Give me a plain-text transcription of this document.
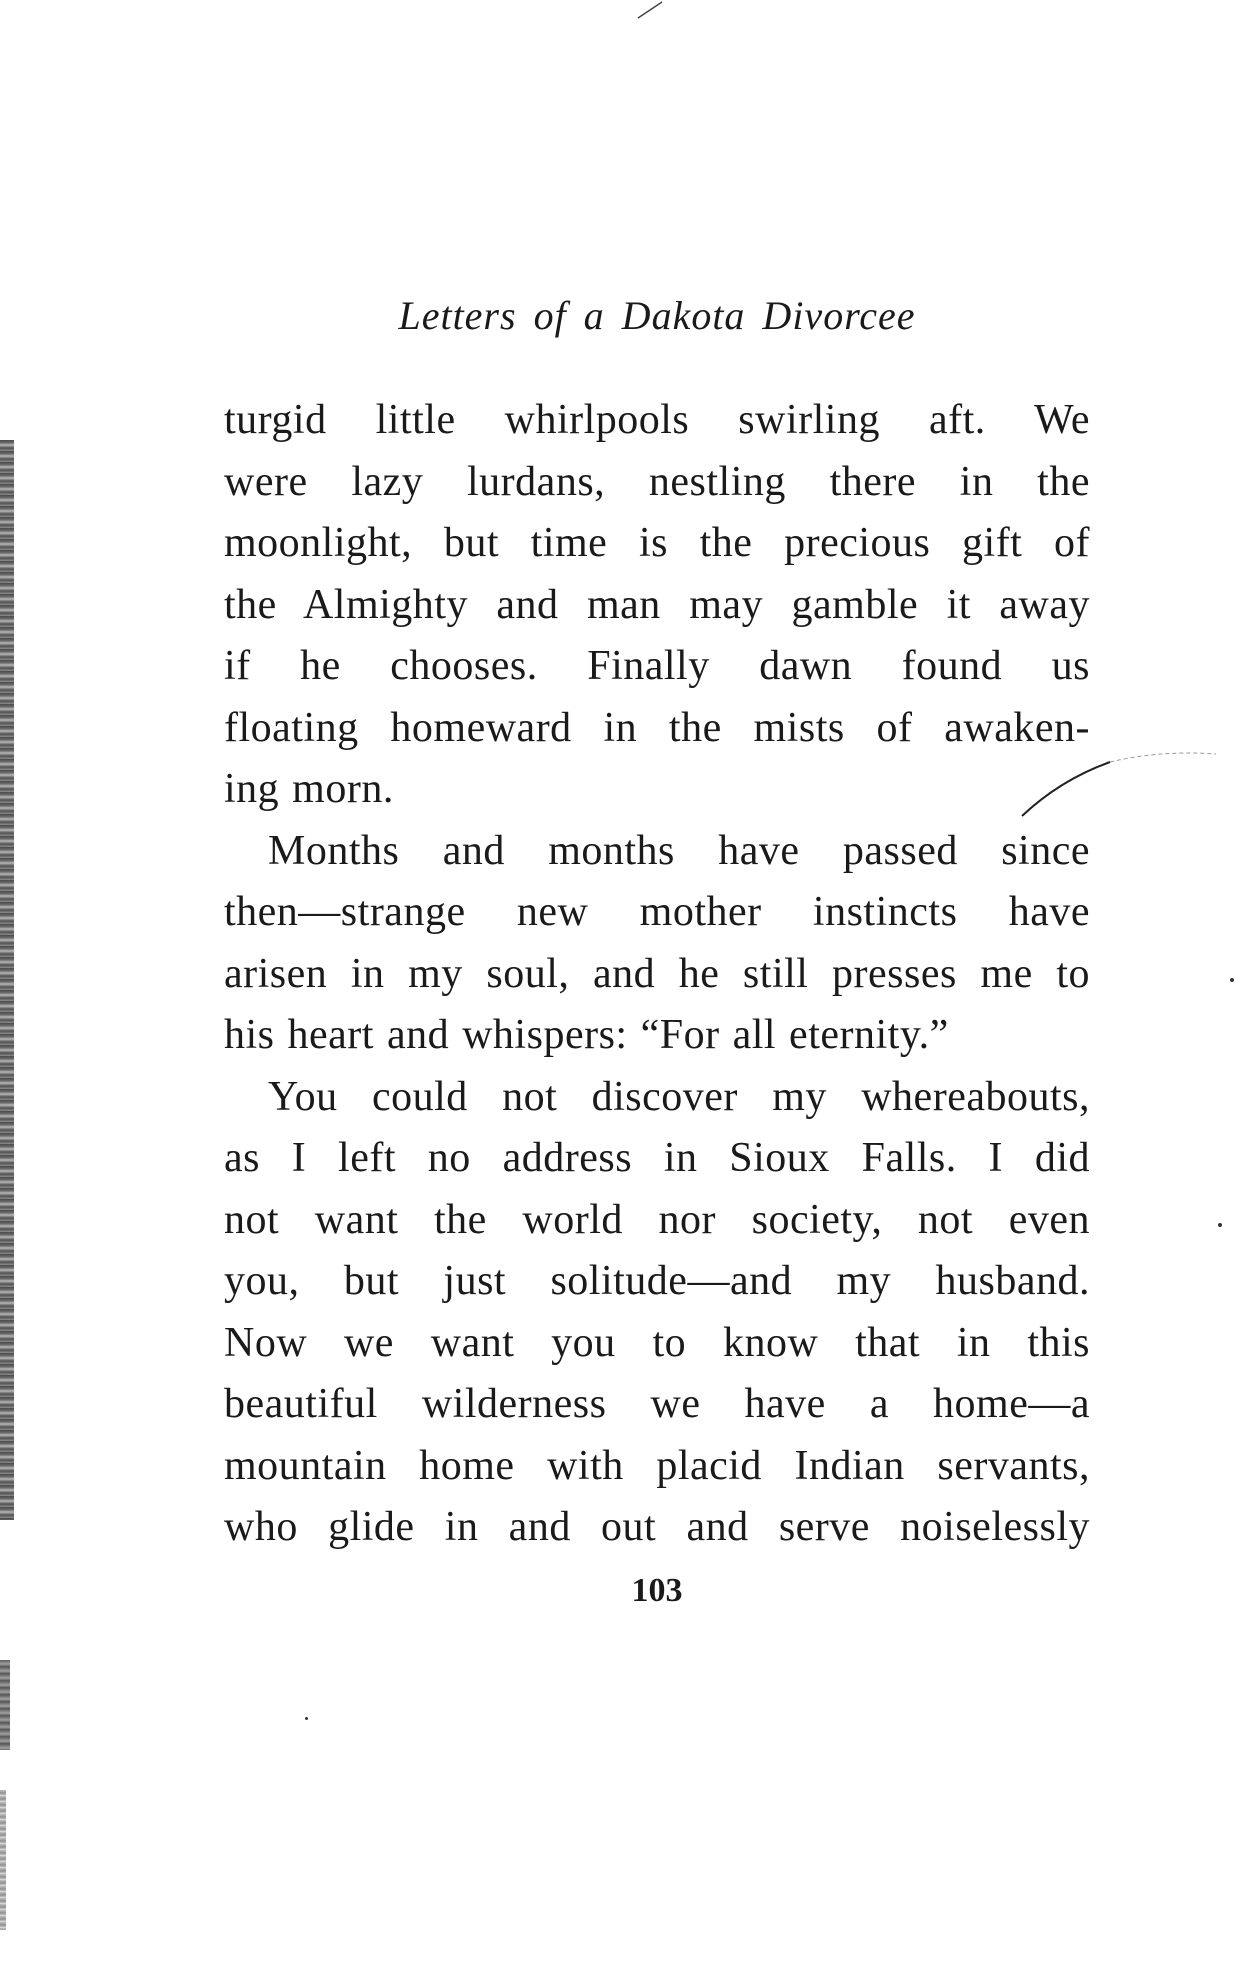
Letters of a Dakota Divorcee
turgid little whirlpools swirling aft. We
were lazy lurdans, nestling there in the
moonlight, but time is the precious gift of
the Almighty and man may gamble it away
if he chooses. Finally dawn found us
floating homeward in the mists of awaken-
ing morn.
Months and months have passed since
then—strange new mother instincts have
arisen in my soul, and he still presses me to
his heart and whispers: “For all eternity.”
You could not discover my whereabouts,
as I left no address in Sioux Falls. I did
not want the world nor society, not even
you, but just solitude—and my husband.
Now we want you to know that in this
beautiful wilderness we have a home—a
mountain home with placid Indian servants,
who glide in and out and serve noiselessly
103
